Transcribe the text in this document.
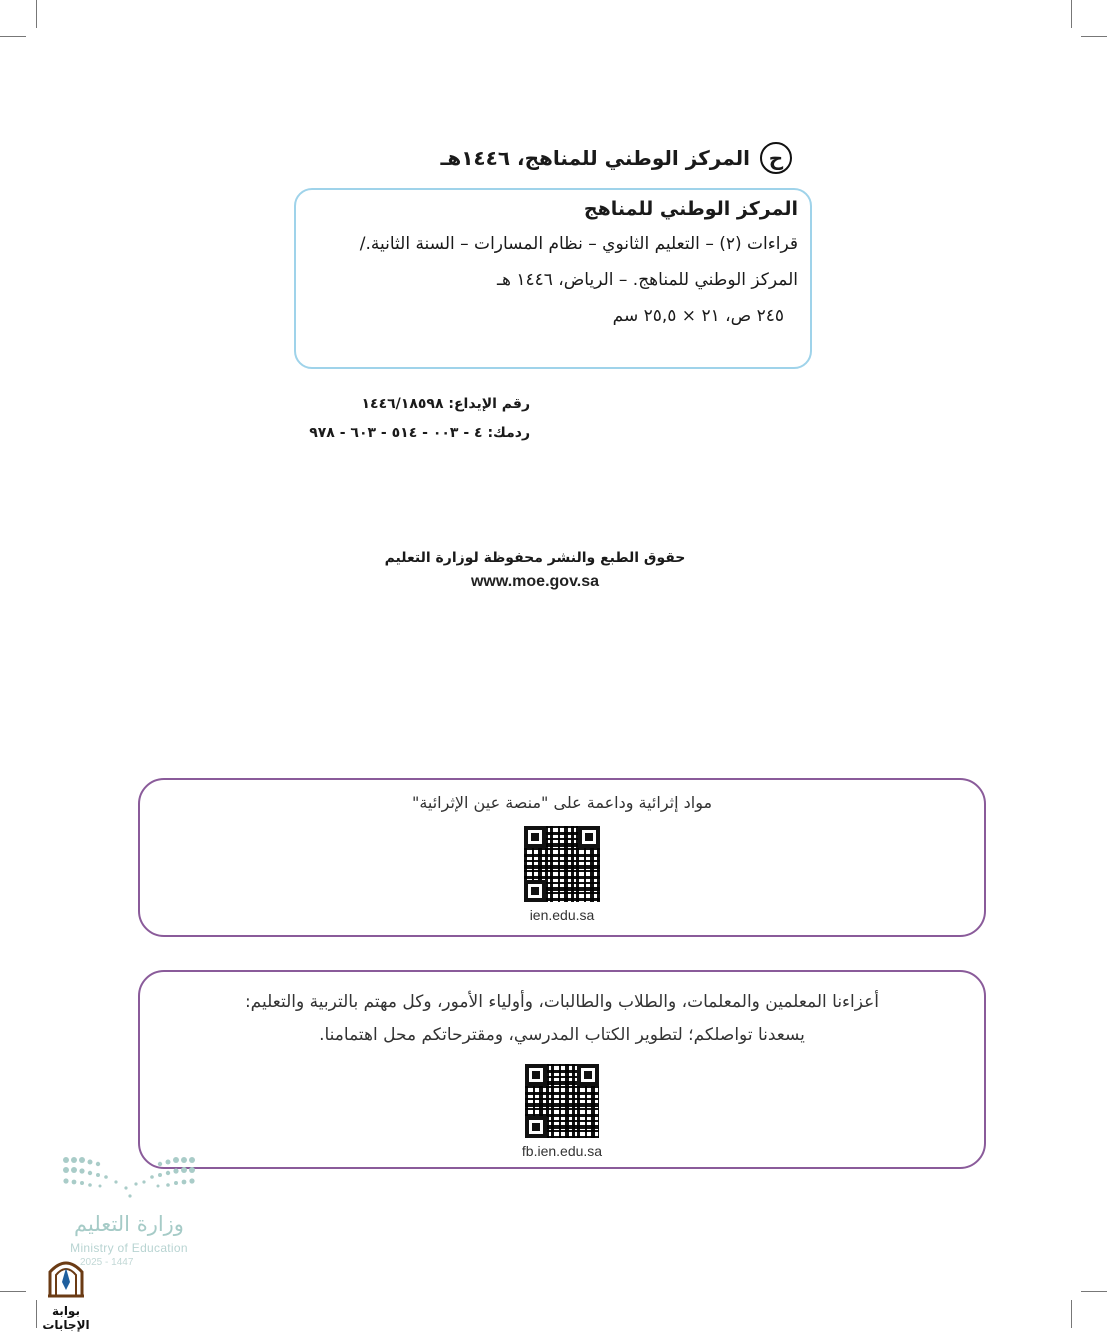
ح
المركز الوطني للمناهج، ١٤٤٦هـ
المركز الوطني للمناهج
قراءات (٢) – التعليم الثانوي – نظام المسارات – السنة الثانية./
المركز الوطني للمناهج. – الرياض، ١٤٤٦ هـ
٢٤٥ ص، ٢١ × ٢٥,٥ سم
رقم الإيداع: ١٤٤٦/١٨٥٩٨
ردمك: ٤ - ٠٠٣ - ٥١٤ - ٦٠٣ - ٩٧٨
حقوق الطبع والنشر محفوظة لوزارة التعليم
www.moe.gov.sa
مواد إثرائية وداعمة على "منصة عين الإثرائية"
ien.edu.sa
أعزاءنا المعلمين والمعلمات، والطلاب والطالبات، وأولياء الأمور، وكل مهتم بالتربية والتعليم:
يسعدنا تواصلكم؛ لتطوير الكتاب المدرسي، ومقترحاتكم محل اهتمامنا.
fb.ien.edu.sa
وزارة التعليم
Ministry of Education
2025 - 1447
بوابة الإجابات
